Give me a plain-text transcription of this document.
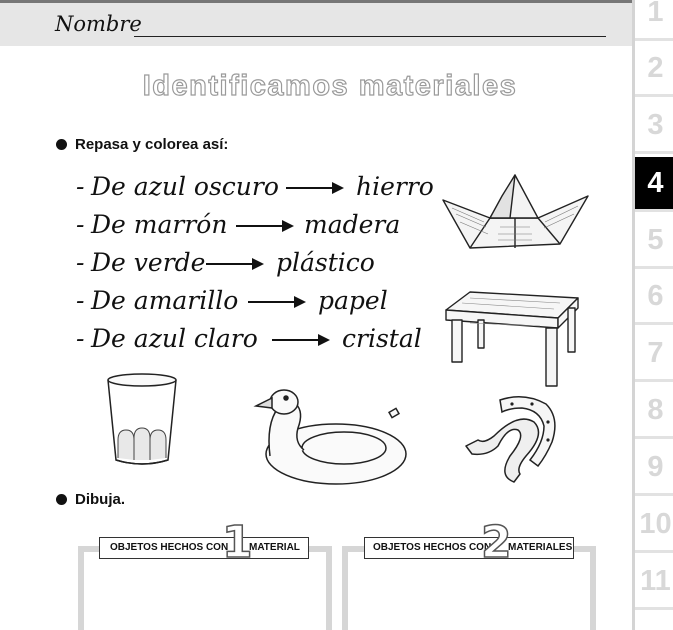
Nombre	1
2
3
4
5
6
7
8
9
10
11
Identificamos materiales
Repasa y colorea así:
- De azul oscuro	hierro
- De marrón	madera
- De verde	plástico
- De amarillo	papel
- De azul claro	cristal
Dibuja.
OBJETOS HECHOS CON
1
MATERIAL	OBJETOS HECHOS CON
2
MATERIALES
